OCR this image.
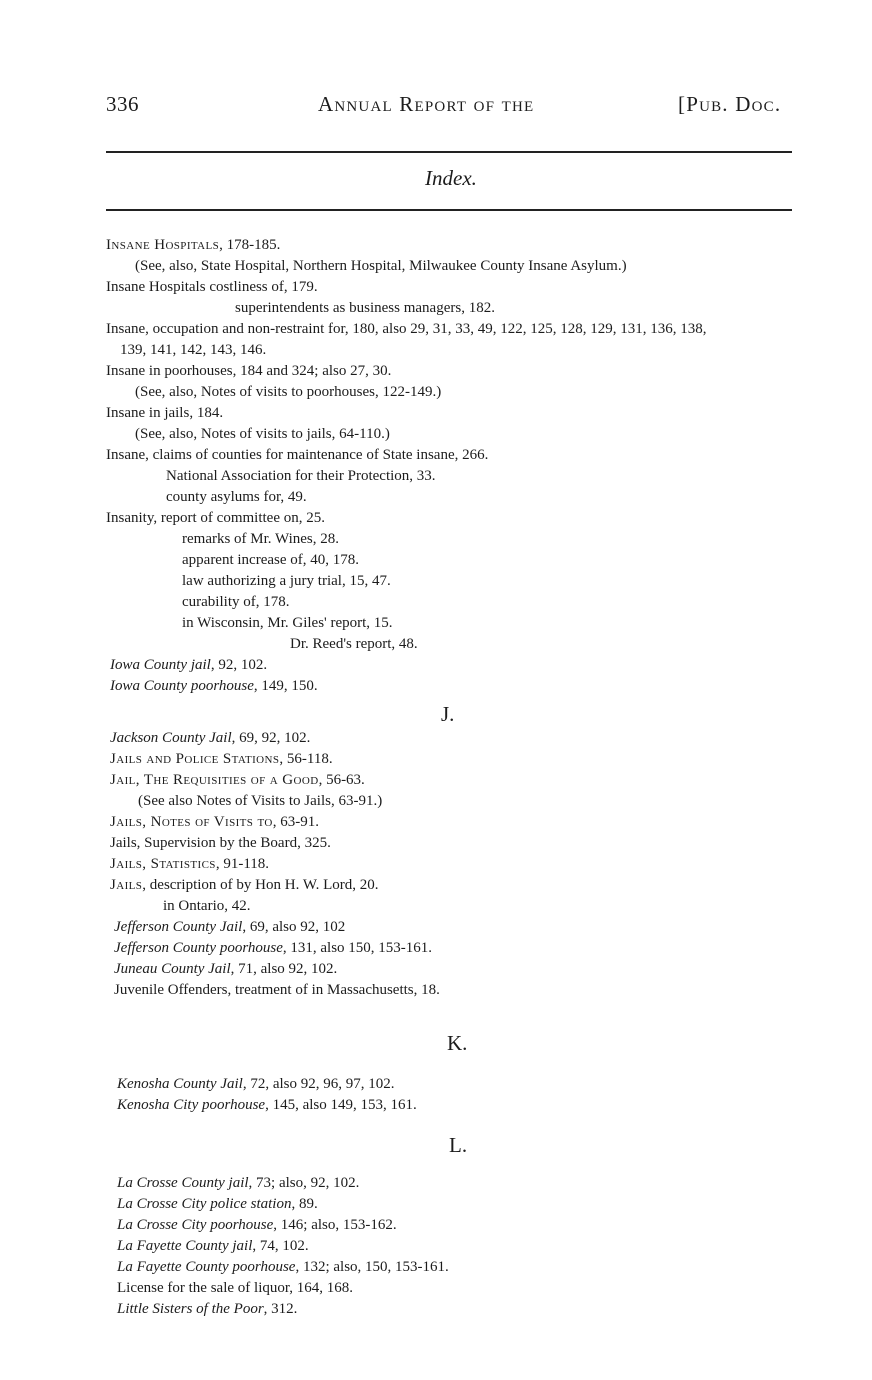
336	Annual Report of the	[Pub. Doc.
Index.
Insane Hospitals, 178-185.
(See, also, State Hospital, Northern Hospital, Milwaukee County Insane Asylum.)
Insane Hospitals costliness of, 179.
superintendents as business managers, 182.
Insane, occupation and non-restraint for, 180, also 29, 31, 33, 49, 122, 125, 128, 129, 131, 136, 138,
139, 141, 142, 143, 146.
Insane in poorhouses, 184 and 324; also 27, 30.
(See, also, Notes of visits to poorhouses, 122-149.)
Insane in jails, 184.
(See, also, Notes of visits to jails, 64-110.)
Insane, claims of counties for maintenance of State insane, 266.
National Association for their Protection, 33.
county asylums for, 49.
Insanity, report of committee on, 25.
remarks of Mr. Wines, 28.
apparent increase of, 40, 178.
law authorizing a jury trial, 15, 47.
curability of, 178.
in Wisconsin, Mr. Giles' report, 15.
Dr. Reed's report, 48.
Iowa County jail, 92, 102.
Iowa County poorhouse, 149, 150.
J.
Jackson County Jail, 69, 92, 102.
Jails and Police Stations, 56-118.
Jail, The Requisities of a Good, 56-63.
(See also Notes of Visits to Jails, 63-91.)
Jails, Notes of Visits to, 63-91.
Jails, Supervision by the Board, 325.
Jails, Statistics, 91-118.
Jails, description of by Hon H. W. Lord, 20.
in Ontario, 42.
Jefferson County Jail, 69, also 92, 102
Jefferson County poorhouse, 131, also 150, 153-161.
Juneau County Jail, 71, also 92, 102.
Juvenile Offenders, treatment of in Massachusetts, 18.
K.
Kenosha County Jail, 72, also 92, 96, 97, 102.
Kenosha City poorhouse, 145, also 149, 153, 161.
L.
La Crosse County jail, 73; also, 92, 102.
La Crosse City police station, 89.
La Crosse City poorhouse, 146; also, 153-162.
La Fayette County jail, 74, 102.
La Fayette County poorhouse, 132; also, 150, 153-161.
License for the sale of liquor, 164, 168.
Little Sisters of the Poor, 312.
